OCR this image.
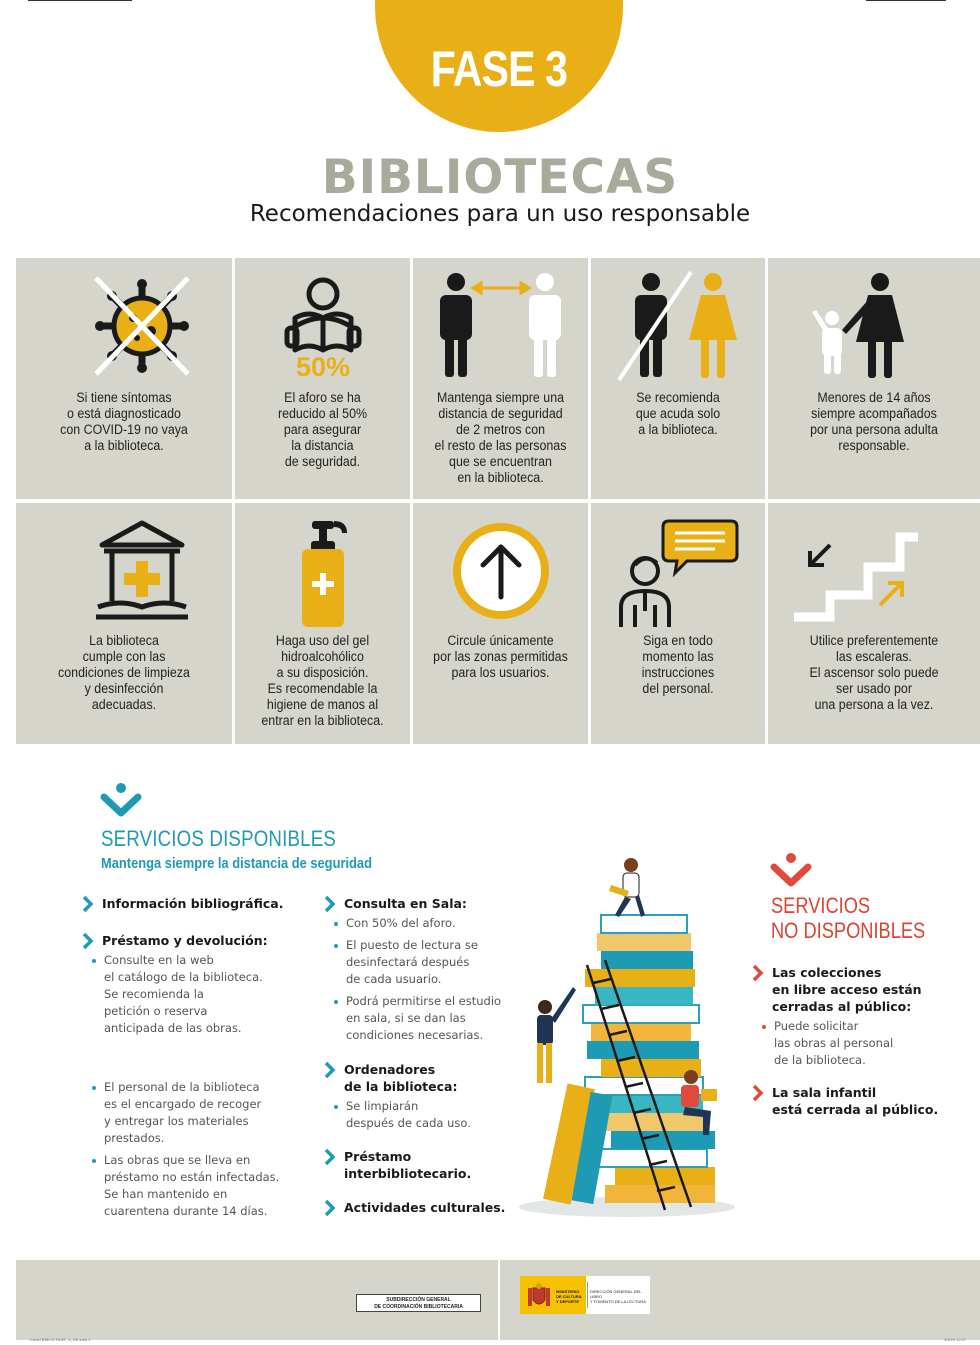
FASE 3
BIBLIOTECAS
Recomendaciones para un uso responsable
Si tiene síntomas
o está diagnosticado
con COVID-19 no vaya
a la biblioteca.
50%
El aforo se ha
reducido al 50%
para asegurar
la distancia
de seguridad.
Mantenga siempre una
distancia de seguridad
de 2 metros con
el resto de las personas
que se encuentran
en la biblioteca.
Se recomienda
que acuda solo
a la biblioteca.
Menores de 14 años
siempre acompañados
por una persona adulta
responsable.
La biblioteca
cumple con las
condiciones de limpieza
y desinfección
adecuadas.
Haga uso del gel
hidroalcohólico
a su disposición.
Es recomendable la
higiene de manos al
entrar en la biblioteca.
Circule únicamente
por las zonas permitidas
para los usuarios.
Siga en todo
momento las
instrucciones
del personal.
Utilice preferentemente
las escaleras.
El ascensor solo puede
ser usado por
una persona a la vez.
SERVICIOS DISPONIBLES
Mantenga siempre la distancia de seguridad
Información bibliográfica.
Préstamo y devolución:
Consulte en la web
el catálogo de la biblioteca.
Se recomienda la
petición o reserva
anticipada de las obras.
El personal de la biblioteca
es el encargado de recoger
y entregar los materiales
prestados.
Las obras que se lleva en
préstamo no están infectadas.
Se han mantenido en
cuarentena durante 14 días.
Consulta en Sala:
Con 50% del aforo.
El puesto de lectura se
desinfectará después
de cada usuario.
Podrá permitirse el estudio
en sala, si se dan las
condiciones necesarias.
Ordenadores
de la biblioteca:
Se limpiarán
después de cada uso.
Préstamo
interbibliotecario.
Actividades culturales.
SERVICIOS
NO DISPONIBLES
Las colecciones
en libre acceso están
cerradas al público:
Puede solicitar
las obras al personal
de la biblioteca.
La sala infantil
está cerrada al público.
SUBDIRECCIÓN GENERAL
DE COORDINACIÓN BIBLIOTECARIA
MINISTERIO
DE CULTURA
Y DEPORTE
DIRECCIÓN GENERAL DEL LIBRO
Y FOMENTO DE LA LECTURA
Cartel BIBLIO FASE_3_OK.indd 1	3/6/20 12:27
